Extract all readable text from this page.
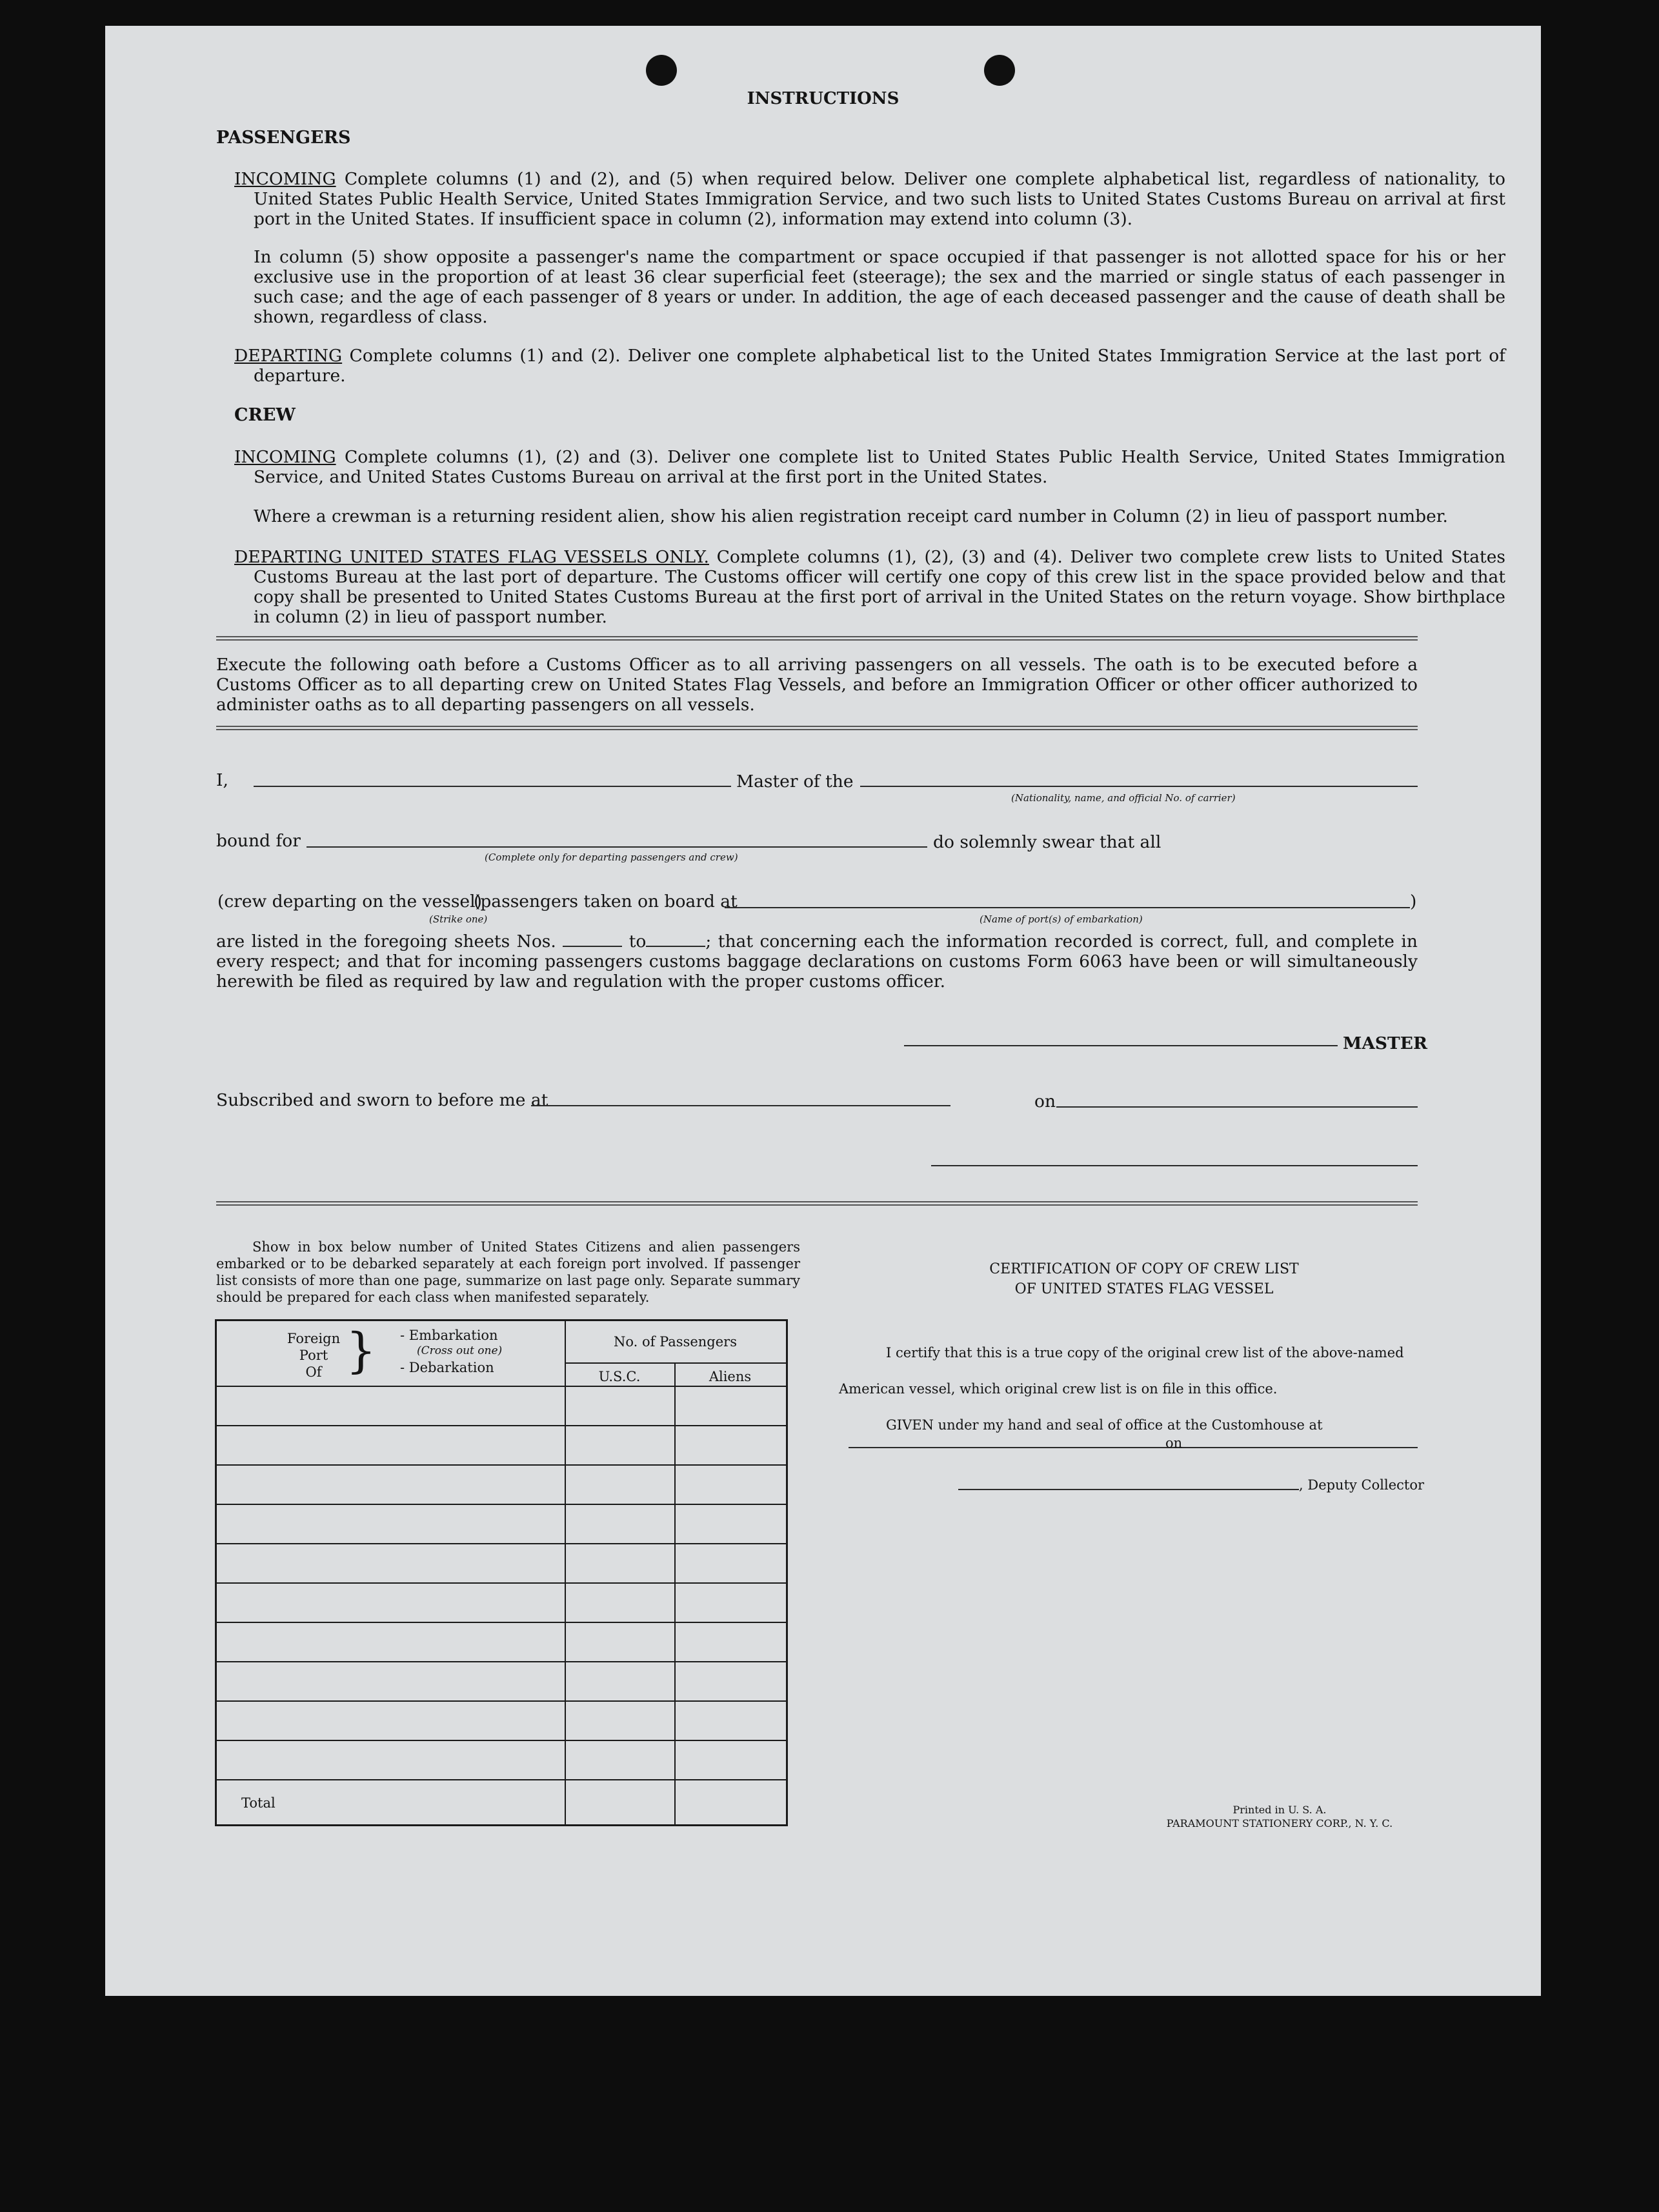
INSTRUCTIONS
PASSENGERS
INCOMING Complete columns (1) and (2), and (5) when required below. Deliver one complete alphabetical list, regardless of nationality, to United States Public Health Service, United States Immigration Service, and two such lists to United States Customs Bureau on arrival at first port in the United States. If insufficient space in column (2), information may extend into column (3).
In column (5) show opposite a passenger's name the compartment or space occupied if that passenger is not allotted space for his or her exclusive use in the proportion of at least 36 clear superficial feet (steerage); the sex and the married or single status of each passenger in such case; and the age of each passenger of 8 years or under. In addition, the age of each deceased passenger and the cause of death shall be shown, regardless of class.
DEPARTING Complete columns (1) and (2). Deliver one complete alphabetical list to the United States Immigration Service at the last port of departure.
CREW
INCOMING Complete columns (1), (2) and (3). Deliver one complete list to United States Public Health Service, United States Immigration Service, and United States Customs Bureau on arrival at the first port in the United States.
Where a crewman is a returning resident alien, show his alien registration receipt card number in Column (2) in lieu of passport number.
DEPARTING UNITED STATES FLAG VESSELS ONLY. Complete columns (1), (2), (3) and (4). Deliver two complete crew lists to United States Customs Bureau at the last port of departure. The Customs officer will certify one copy of this crew list in the space provided below and that copy shall be presented to United States Customs Bureau at the first port of arrival in the United States on the return voyage. Show birthplace in column (2) in lieu of passport number.
Execute the following oath before a Customs Officer as to all arriving passengers on all vessels. The oath is to be executed before a Customs Officer as to all departing crew on United States Flag Vessels, and before an Immigration Officer or other officer authorized to administer oaths as to all departing passengers on all vessels.
I,	Master of the
(Nationality, name, and official No. of carrier)
bound for
(Complete only for departing passengers and crew)
do solemnly swear that all
(crew departing on the vessel)
(passengers taken on board at	)
(Strike one)	(Name of port(s) of embarkation)
are listed in the foregoing sheets Nos.	to	; that concerning each the information recorded is correct, full, and complete in every respect; and that for incoming passengers customs baggage declarations on customs Form 6063 have been or will simultaneously herewith be filed as required by law and regulation with the proper customs officer.
MASTER
Subscribed and sworn to before me at	on
Show in box below number of United States Citizens and alien passengers embarked or to be debarked separately at each foreign port involved. If passenger list consists of more than one page, summarize on last page only. Separate summary should be prepared for each class when manifested separately.
Foreign
Port
Of } - Embarkation
(Cross out one)
- Debarkation
No. of Passengers
U.S.C.	Aliens
Total
CERTIFICATION OF COPY OF CREW LIST
OF UNITED STATES FLAG VESSEL
I certify that this is a true copy of the original crew list of the above-named
American vessel, which original crew list is on file in this office.
GIVEN under my hand and seal of office at the Customhouse at
on
, Deputy Collector
Printed in U. S. A.
PARAMOUNT STATIONERY CORP., N. Y. C.
